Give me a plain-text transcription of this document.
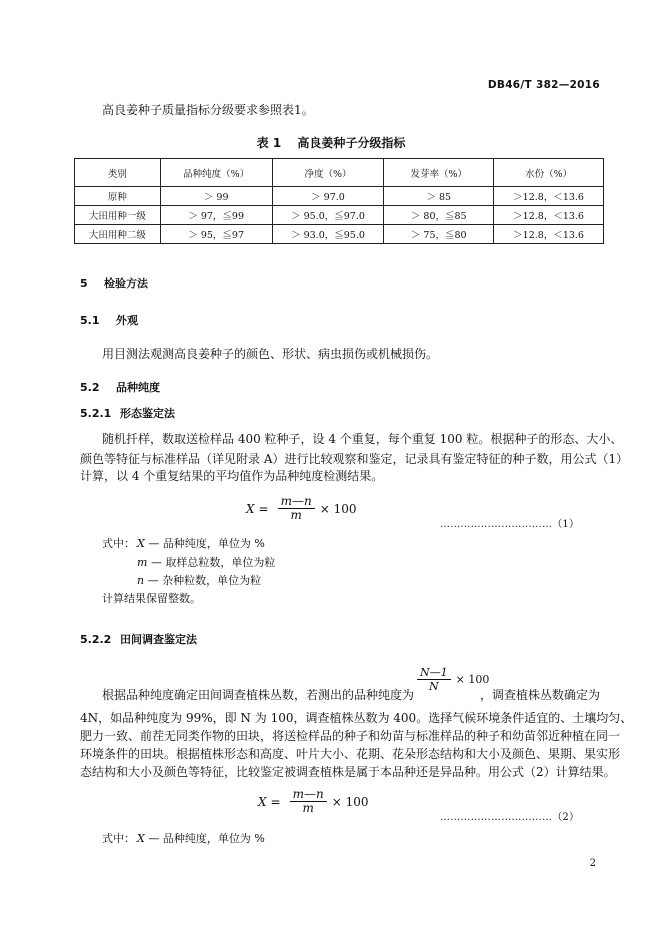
DB46/T 382—2016
高良姜种子质量指标分级要求参照表1。
表 1　 高良姜种子分级指标
类别	品种纯度（%）	净度（%）	发芽率（%）	水份（%）
原种	＞ 99	＞ 97.0	＞ 85	＞12.8，＜13.6
大田用种一级	＞ 97，≦99	＞ 95.0，≦97.0	＞ 80，≦85	＞12.8，＜13.6
大田用种二级	＞ 95，≦97	＞ 93.0，≦95.0	＞ 75，≦80	＞12.8，＜13.6
5 检验方法
5.1 外观
用目测法观测高良姜种子的颜色、形状、病虫损伤或机械损伤。
5.2 品种纯度
5.2.1 形态鉴定法
随机扦样，数取送检样品 400 粒种子，设 4 个重复，每个重复 100 粒。根据种子的形态、大小、
颜色等特征与标准样品（详见附录 A）进行比较观察和鉴定，记录具有鉴定特征的种子数，用公式（1）
计算，以 4 个重复结果的平均值作为品种纯度检测结果。
$X = \frac{m—n}{m} \times 100$
……………………………（1）
式中： X — 品种纯度，单位为 %
m — 取样总粒数，单位为粒
n — 杂种粒数，单位为粒
计算结果保留整数。
5.2.2 田间调查鉴定法
根据品种纯度确定田间调查植株丛数，若测出的品种纯度为
$\frac{N—1}{N} \times 100$
，调查植株丛数确定为
4N，如品种纯度为 99%，即 N 为 100，调查植株丛数为 400。选择气候环境条件适宜的、土壤均匀、
肥力一致、前茬无同类作物的田块，将送检样品的种子和幼苗与标准样品的种子和幼苗邻近种植在同一
环境条件的田块。根据植株形态和高度、叶片大小、花期、花朵形态结构和大小及颜色、果期、果实形
态结构和大小及颜色等特征，比较鉴定被调查植株是属于本品种还是异品种。用公式（2）计算结果。
$X = \frac{m—n}{m} \times 100$
……………………………（2）
式中： X — 品种纯度，单位为 %
2
